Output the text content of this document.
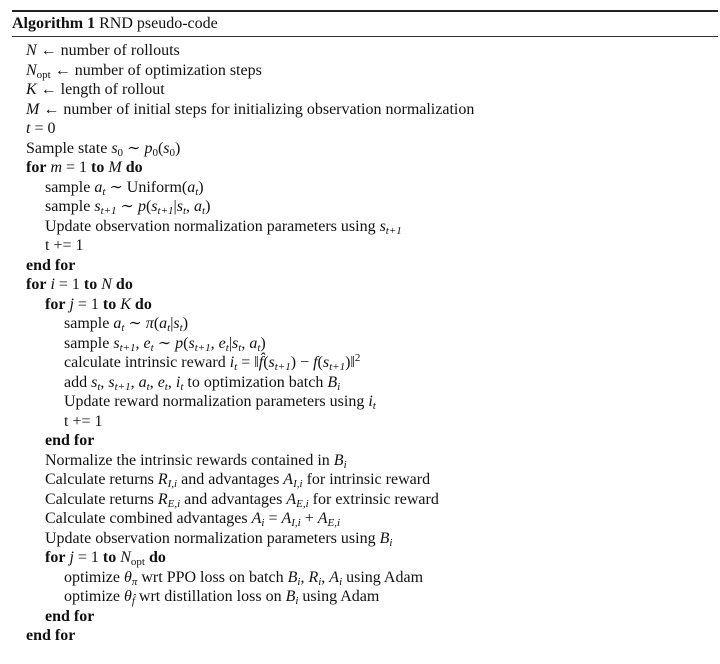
Algorithm 1 RND pseudo-code
N ← number of rollouts
$N_{opt}$ ← number of optimization steps
K ← length of rollout
M ← number of initial steps for initializing observation normalization
t = 0
Sample state $s_0$ ∼ $p_0(s_0)$
for m = 1 to M do
sample $a_t$ ∼ $Uniform(a_t)$
sample $s_{t+1}$ ∼ $p(s_{t+1}|s_t$, $a_t$)
Update observation normalization parameters using $s_{t+1}$
t += 1
end for
for i = 1 to N do
for j = 1 to K do
sample $a_t$ ∼ $\pi(a_t|s_t)$
sample $s_{t+1}$, $e_t$ ∼ $p(s_{t+1}$, $e_t|s_t$, $a_t$)
calculate intrinsic reward $i_t$ = $‖f̂(s_{t+1})$ − $f(s_{t+1})‖^2$
add $s_t$, $s_{t+1}$, $a_t$, $e_t$, $i_t$ to optimization batch $B_i$
Update reward normalization parameters using $i_t$
t += 1
end for
Normalize the intrinsic rewards contained in $B_i$
Calculate returns $R_{I,i}$ and advantages $A_{I,i}$ for intrinsic reward
Calculate returns $R_{E,i}$ and advantages $A_{E,i}$ for extrinsic reward
Calculate combined advantages $A_i = A_{I,i} + A_{E,i}$
Update observation normalization parameters using $B_i$
for j = 1 to $N_{opt}$ do
optimize $\theta_\pi$ wrt PPO loss on batch $B_i$, $R_i$, $A_i$ using Adam
optimize $\theta_{f̂}$ wrt distillation loss on $B_i$ using Adam
end for
end for
